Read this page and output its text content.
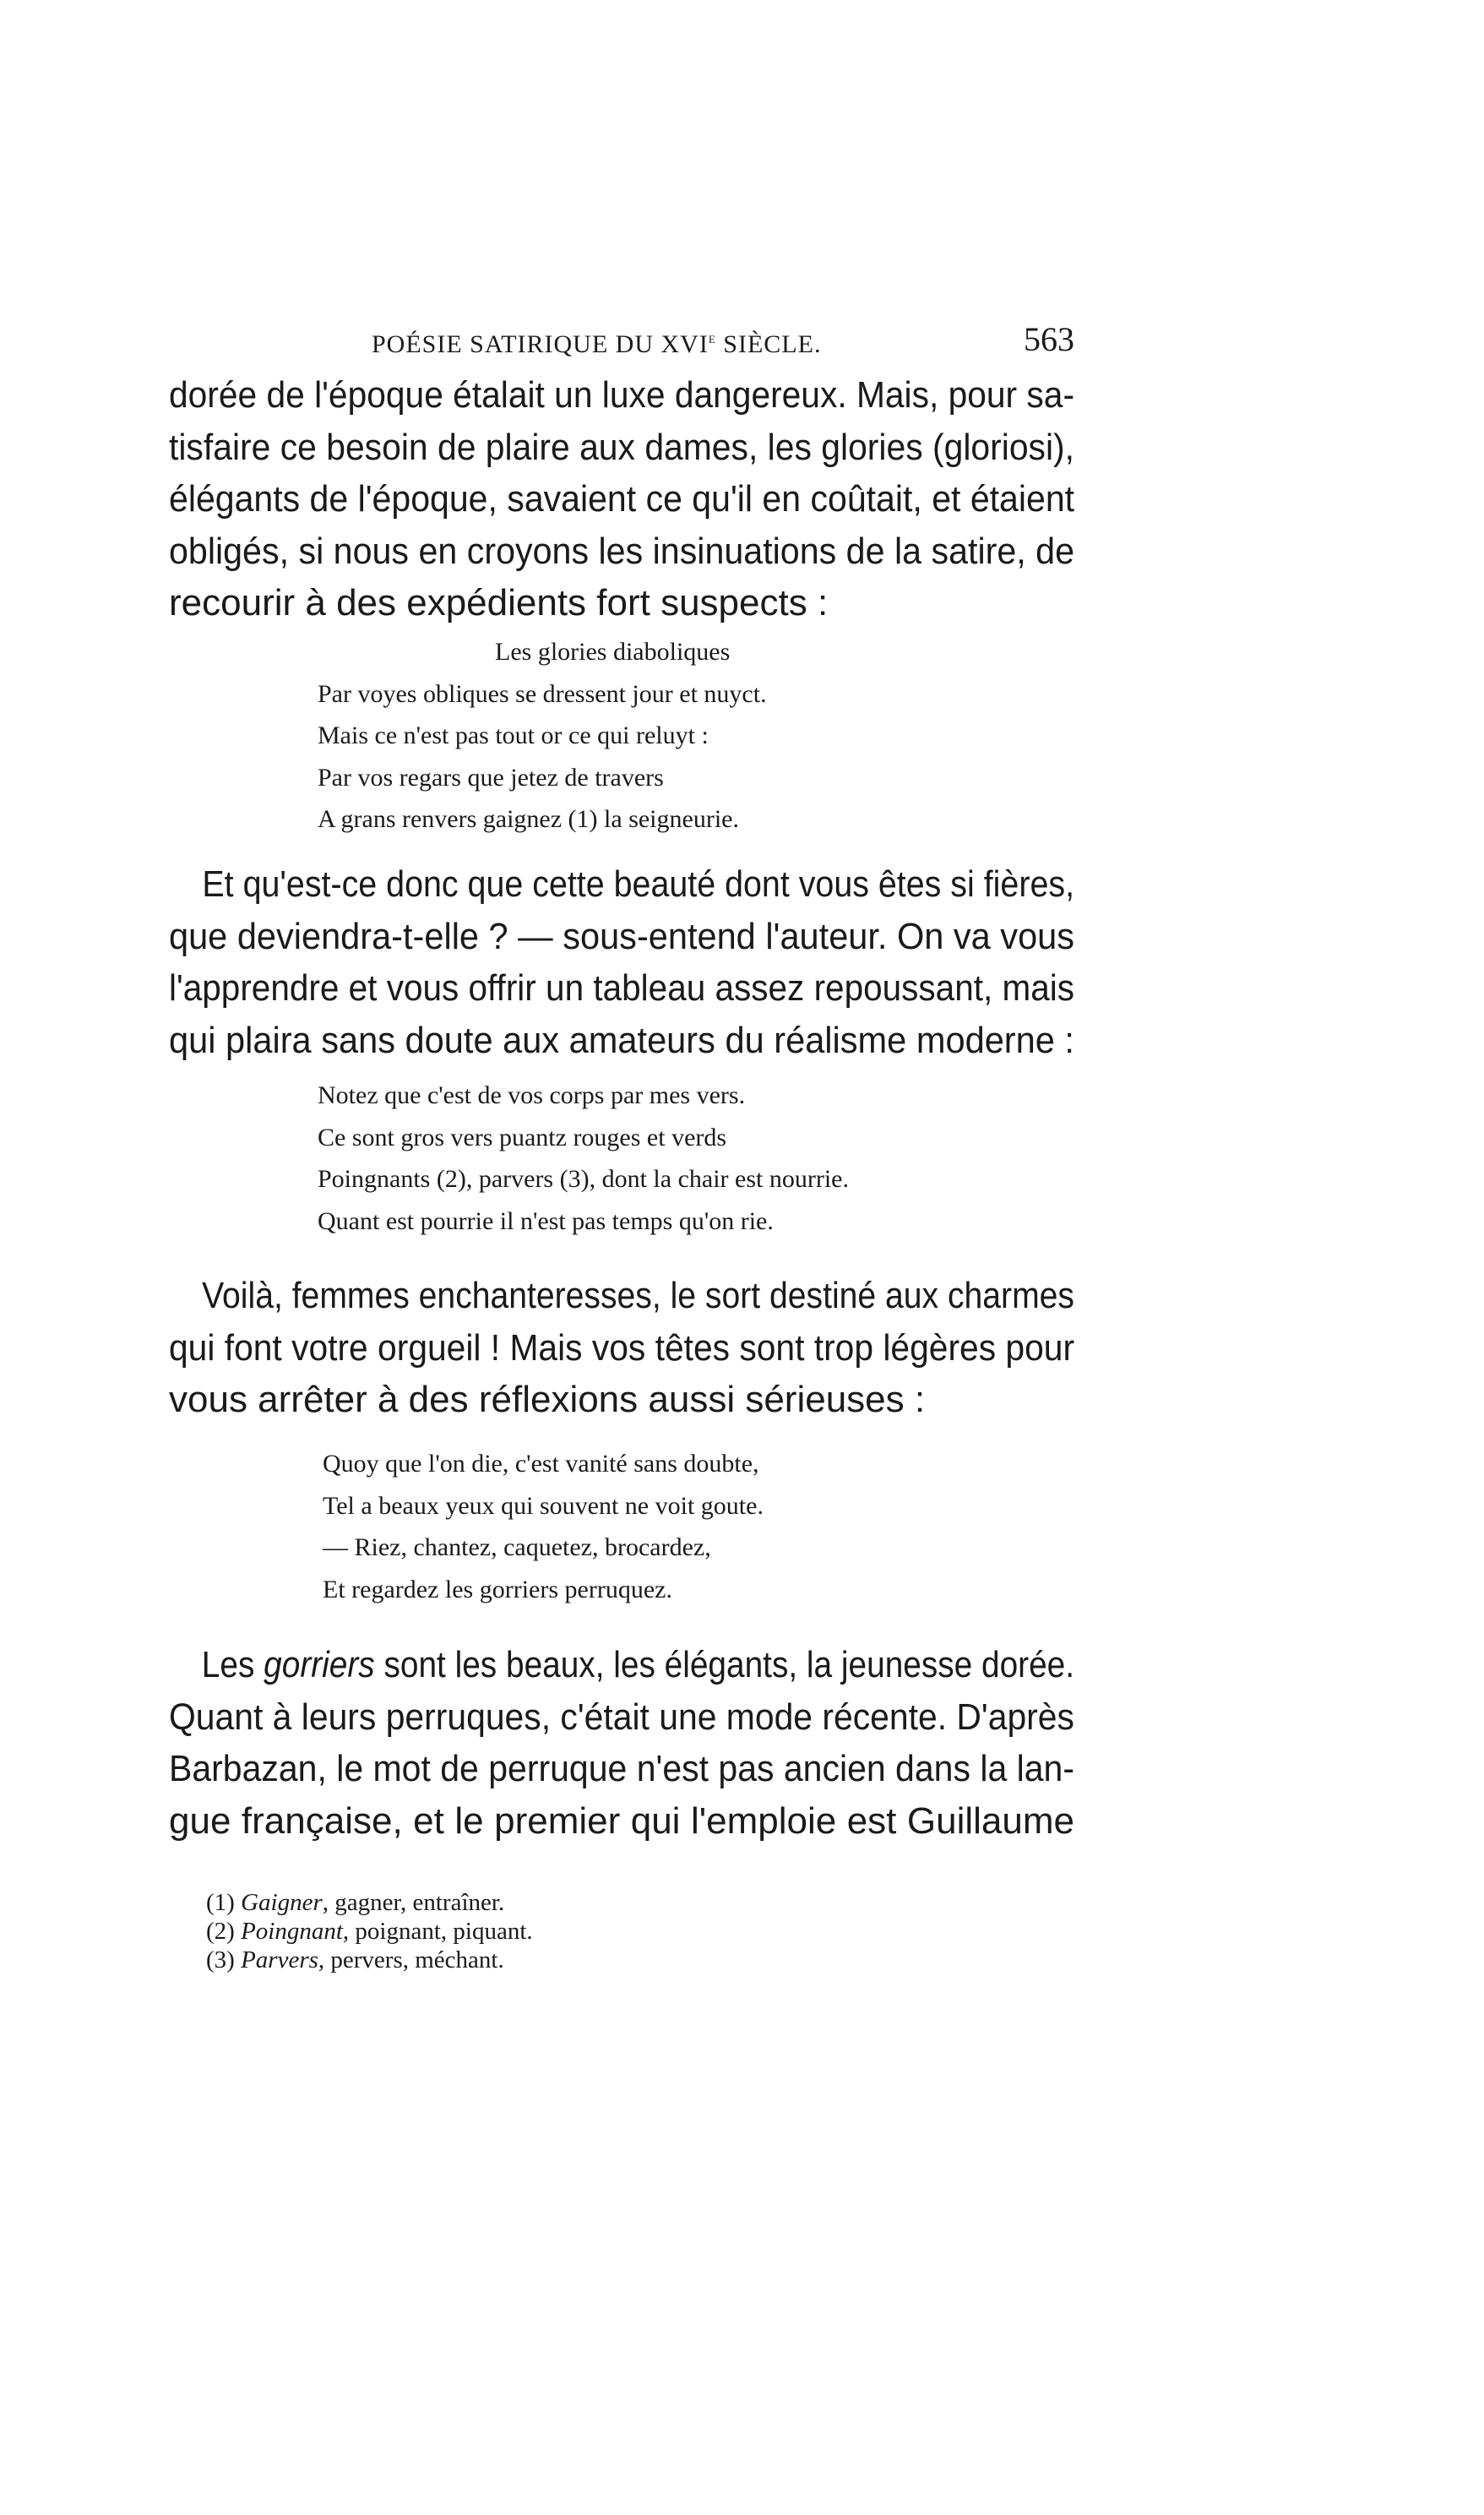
POÉSIE SATIRIQUE DU XVIe SIÈCLE.	563
dorée de l'époque étalait un luxe dangereux. Mais, pour sa-
tisfaire ce besoin de plaire aux dames, les glories (gloriosi),
élégants de l'époque, savaient ce qu'il en coûtait, et étaient
obligés, si nous en croyons les insinuations de la satire, de
recourir à des expédients fort suspects :
Les glories diaboliques
Par voyes obliques se dressent jour et nuyct.
Mais ce n'est pas tout or ce qui reluyt :
Par vos regars que jetez de travers
A grans renvers gaignez (1) la seigneurie.
Et qu'est-ce donc que cette beauté dont vous êtes si fières,
que deviendra-t-elle ? — sous-entend l'auteur. On va vous
l'apprendre et vous offrir un tableau assez repoussant, mais
qui plaira sans doute aux amateurs du réalisme moderne :
Notez que c'est de vos corps par mes vers.
Ce sont gros vers puantz rouges et verds
Poingnants (2), parvers (3), dont la chair est nourrie.
Quant est pourrie il n'est pas temps qu'on rie.
Voilà, femmes enchanteresses, le sort destiné aux charmes
qui font votre orgueil ! Mais vos têtes sont trop légères pour
vous arrêter à des réflexions aussi sérieuses :
Quoy que l'on die, c'est vanité sans doubte,
Tel a beaux yeux qui souvent ne voit goute.
— Riez, chantez, caquetez, brocardez,
Et regardez les gorriers perruquez.
Les gorriers sont les beaux, les élégants, la jeunesse dorée.
Quant à leurs perruques, c'était une mode récente. D'après
Barbazan, le mot de perruque n'est pas ancien dans la lan-
gue française, et le premier qui l'emploie est Guillaume
(1) Gaigner, gagner, entraîner.
(2) Poingnant, poignant, piquant.
(3) Parvers, pervers, méchant.
